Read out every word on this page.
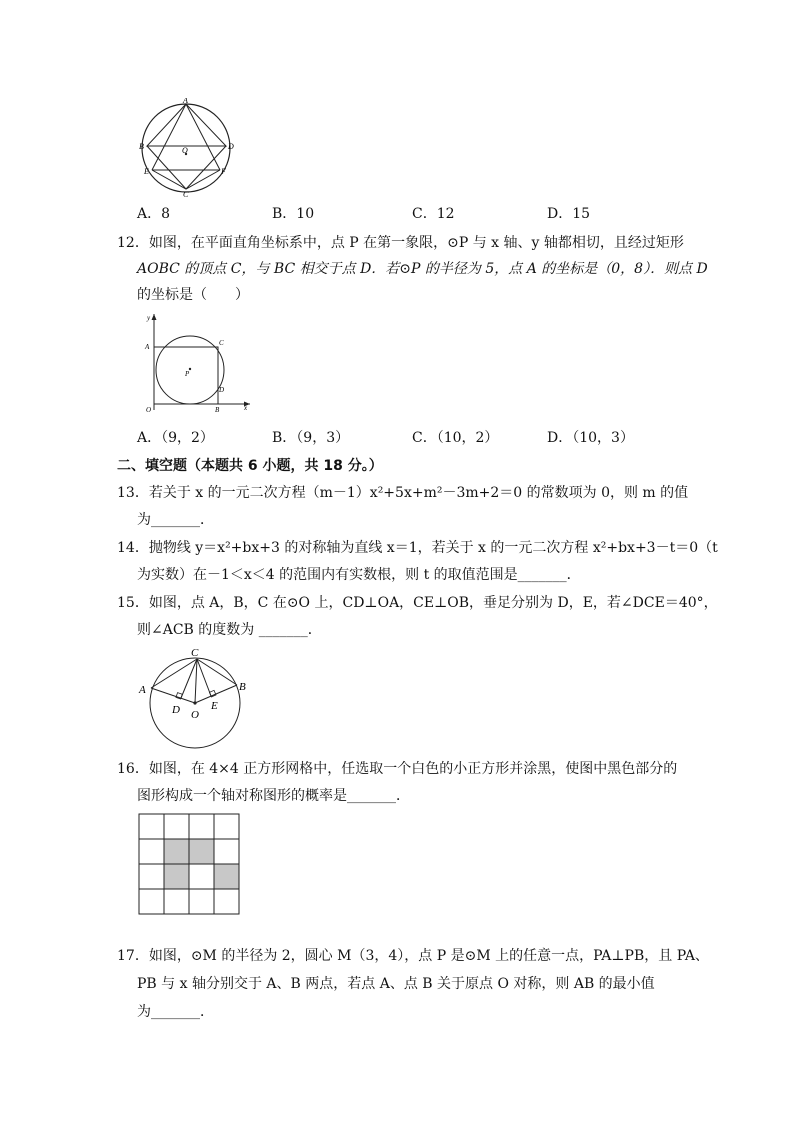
A
B	D
O
E	F
C
A．8	B．10	C．12	D．15
12．如图，在平面直角坐标系中，点 P 在第一象限，⊙P 与 x 轴、y 轴都相切，且经过矩形
AOBC 的顶点 C，与 BC 相交于点 D．若⊙P 的半径为 5，点 A 的坐标是（0，8）．则点 D
的坐标是（　　）
y
A	C
P
D
O	B	x
A．（9，2）	B．（9，3）	C．（10，2）	D．（10，3）
二、填空题（本题共 6 小题，共 18 分。）
13．若关于 x 的一元二次方程（m－1）x²+5x+m²－3m+2＝0 的常数项为 0，则 m 的值
为_______．
14．抛物线 y＝x²+bx+3 的对称轴为直线 x＝1，若关于 x 的一元二次方程 x²+bx+3－t＝0（t
为实数）在－1＜x＜4 的范围内有实数根，则 t 的取值范围是_______．
15．如图，点 A，B，C 在⊙O 上，CD⊥OA，CE⊥OB，垂足分别为 D，E，若∠DCE＝40°，
则∠ACB 的度数为 _______．
C
A	B
D O
E
16．如图，在 4×4 正方形网格中，任选取一个白色的小正方形并涂黑，使图中黑色部分的
图形构成一个轴对称图形的概率是_______．
17．如图，⊙M 的半径为 2，圆心 M（3，4），点 P 是⊙M 上的任意一点，PA⊥PB，且 PA、
PB 与 x 轴分别交于 A、B 两点，若点 A、点 B 关于原点 O 对称，则 AB 的最小值
为_______．
